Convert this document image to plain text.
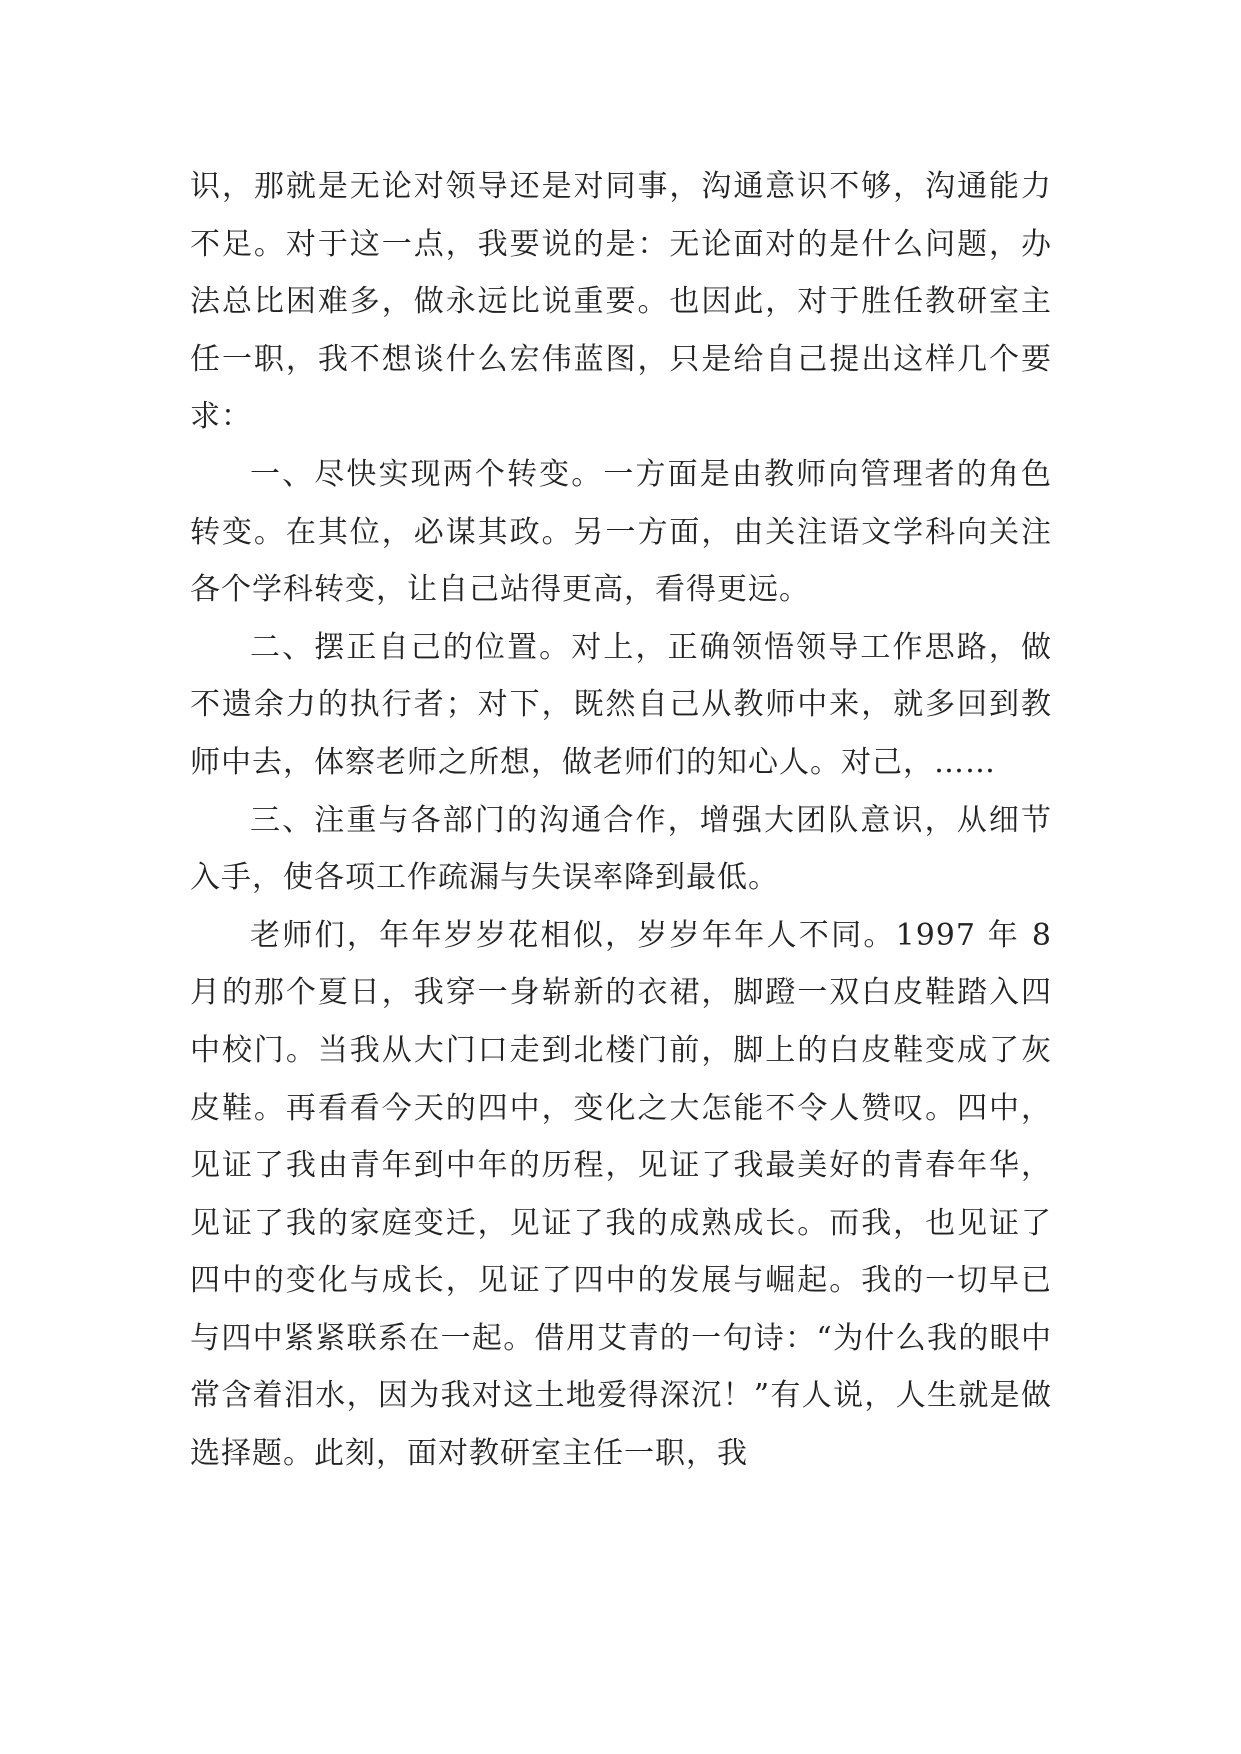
识，那就是无论对领导还是对同事，沟通意识不够，沟通能力不足。对于这一点，我要说的是：无论面对的是什么问题，办法总比困难多，做永远比说重要。也因此，对于胜任教研室主任一职，我不想谈什么宏伟蓝图，只是给自己提出这样几个要求：

一、尽快实现两个转变。一方面是由教师向管理者的角色转变。在其位，必谋其政。另一方面，由关注语文学科向关注各个学科转变，让自己站得更高，看得更远。

二、摆正自己的位置。对上，正确领悟领导工作思路，做不遗余力的执行者；对下，既然自己从教师中来，就多回到教师中去，体察老师之所想，做老师们的知心人。对己，……

三、注重与各部门的沟通合作，增强大团队意识，从细节入手，使各项工作疏漏与失误率降到最低。

老师们，年年岁岁花相似，岁岁年年人不同。1997 年 8 月的那个夏日，我穿一身崭新的衣裙，脚蹬一双白皮鞋踏入四中校门。当我从大门口走到北楼门前，脚上的白皮鞋变成了灰皮鞋。再看看今天的四中，变化之大怎能不令人赞叹。四中，见证了我由青年到中年的历程，见证了我最美好的青春年华，见证了我的家庭变迁，见证了我的成熟成长。而我，也见证了四中的变化与成长，见证了四中的发展与崛起。我的一切早已与四中紧紧联系在一起。借用艾青的一句诗：“为什么我的眼中常含着泪水，因为我对这土地爱得深沉！”有人说，人生就是做选择题。此刻，面对教研室主任一职，我
